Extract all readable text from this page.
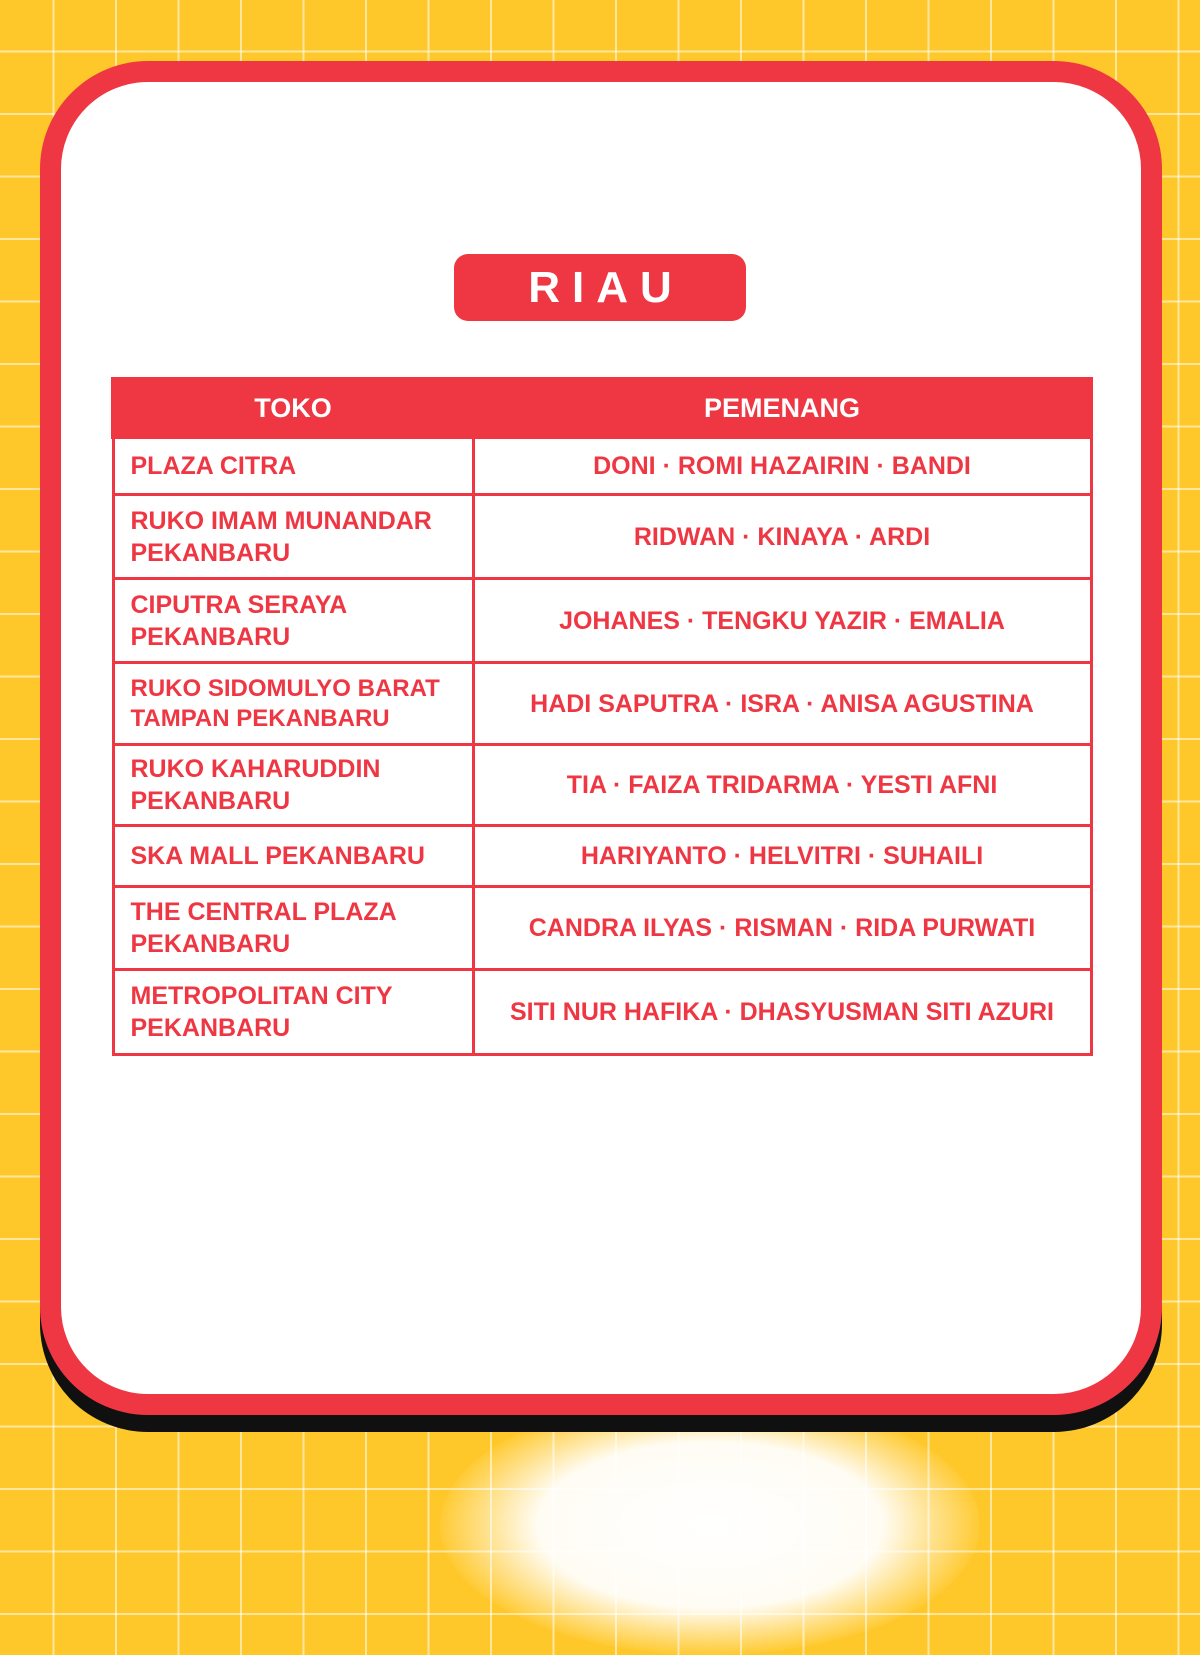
RIAU
TOKO	PEMENANG
PLAZA CITRA	DONI · ROMI HAZAIRIN · BANDI
RUKO IMAM MUNANDAR PEKANBARU	RIDWAN · KINAYA · ARDI
CIPUTRA SERAYA PEKANBARU	JOHANES · TENGKU YAZIR · EMALIA
RUKO SIDOMULYO BARAT TAMPAN PEKANBARU	HADI SAPUTRA · ISRA · ANISA AGUSTINA
RUKO KAHARUDDIN PEKANBARU	TIA · FAIZA TRIDARMA · YESTI AFNI
SKA MALL PEKANBARU	HARIYANTO · HELVITRI · SUHAILI
THE CENTRAL PLAZA PEKANBARU	CANDRA ILYAS · RISMAN · RIDA PURWATI
METROPOLITAN CITY PEKANBARU	SITI NUR HAFIKA · DHASYUSMAN SITI AZURI
